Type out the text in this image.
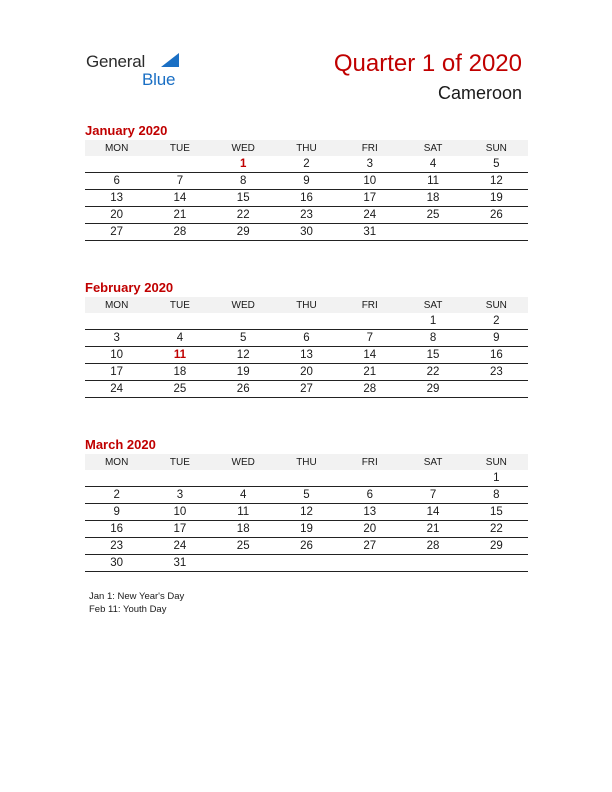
General
Blue
Quarter 1 of 2020
Cameroon
January 2020
MON	TUE	WED	THU	FRI	SAT	SUN
		1	2	3	4	5
6	7	8	9	10	11	12
13	14	15	16	17	18	19
20	21	22	23	24	25	26
27	28	29	30	31		
February 2020
MON	TUE	WED	THU	FRI	SAT	SUN
					1	2
3	4	5	6	7	8	9
10	11	12	13	14	15	16
17	18	19	20	21	22	23
24	25	26	27	28	29	
March 2020
MON	TUE	WED	THU	FRI	SAT	SUN
						1
2	3	4	5	6	7	8
9	10	11	12	13	14	15
16	17	18	19	20	21	22
23	24	25	26	27	28	29
30	31					
Jan 1: New Year's Day
Feb 11: Youth Day
